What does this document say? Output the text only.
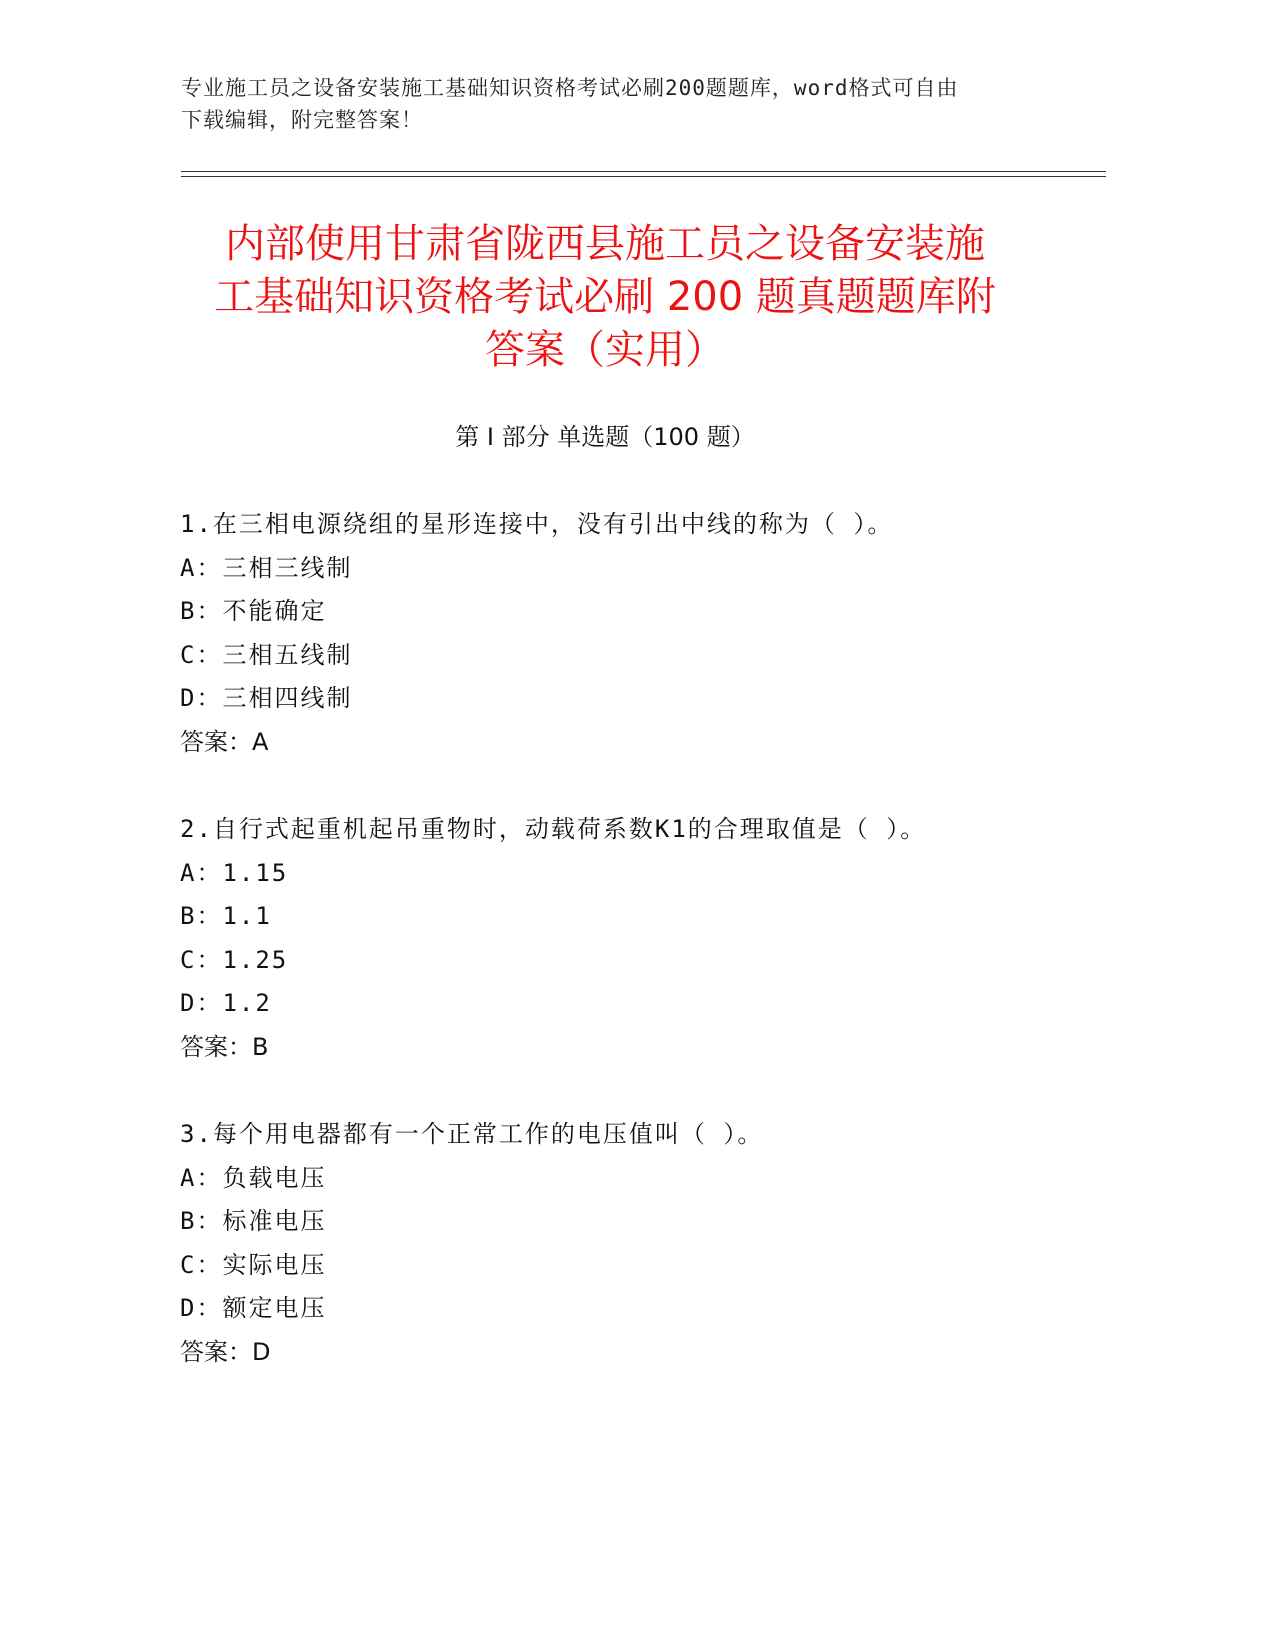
专业施工员之设备安装施工基础知识资格考试必刷200题题库，word格式可自由
下载编辑，附完整答案！
内部使用甘肃省陇西县施工员之设备安装施
工基础知识资格考试必刷 200 题真题题库附
答案（实用）
第 I 部分 单选题（100 题）
1.在三相电源绕组的星形连接中，没有引出中线的称为（ ）。
A：三相三线制
B：不能确定
C：三相五线制
D：三相四线制
答案：A
2.自行式起重机起吊重物时，动载荷系数K1的合理取值是（ ）。
A：1.15
B：1.1
C：1.25
D：1.2
答案：B
3.每个用电器都有一个正常工作的电压值叫（ ）。
A：负载电压
B：标准电压
C：实际电压
D：额定电压
答案：D
